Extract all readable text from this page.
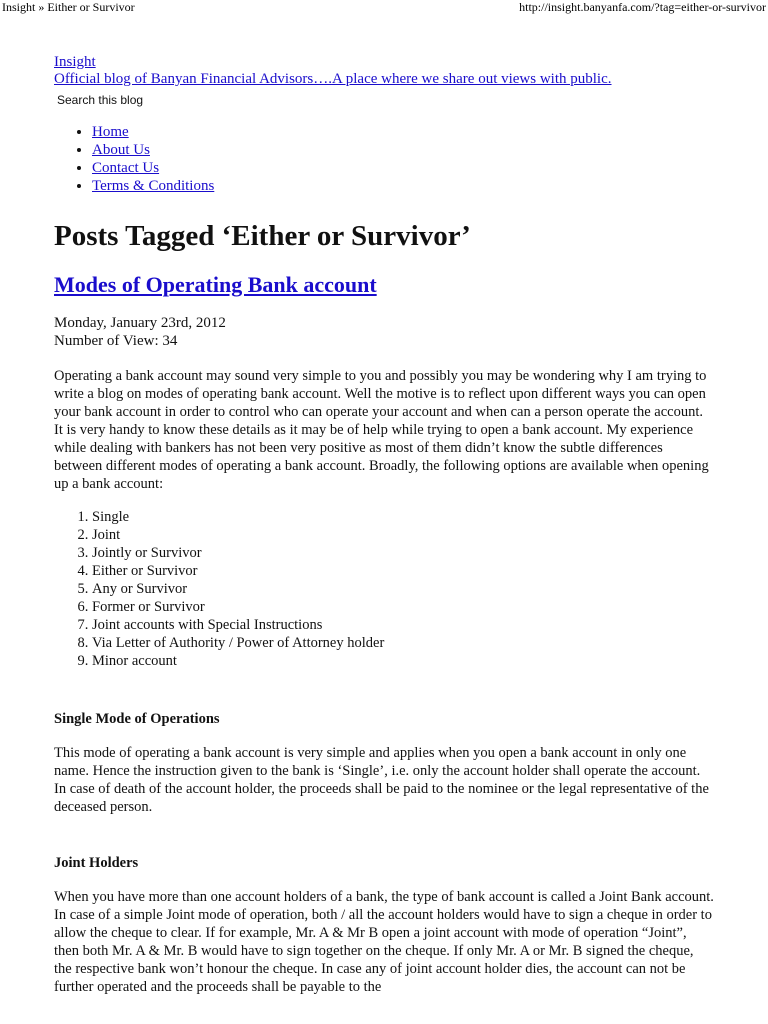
Insight » Either or Survivor	http://insight.banyanfa.com/?tag=either-or-survivor
Insight
Official blog of Banyan Financial Advisors….A place where we share out views with public.
Search this blog
• Home
• About Us
• Contact Us
• Terms & Conditions
Posts Tagged ‘Either or Survivor’
Modes of Operating Bank account
Monday, January 23rd, 2012
Number of View: 34

Operating a bank account may sound very simple to you and possibly you may be wondering why I am trying to write a blog on modes of operating bank account. Well the motive is to reflect upon different ways you can open your bank account in order to control who can operate your account and when can a person operate the account. It is very handy to know these details as it may be of help while trying to open a bank account. My experience while dealing with bankers has not been very positive as most of them didn’t know the subtle differences between different modes of operating a bank account. Broadly, the following options are available when opening up a bank account:

1. Single
2. Joint
3. Jointly or Survivor
4. Either or Survivor
5. Any or Survivor
6. Former or Survivor
7. Joint accounts with Special Instructions
8. Via Letter of Authority / Power of Attorney holder
9. Minor account
Single Mode of Operations

This mode of operating a bank account is very simple and applies when you open a bank account in only one name. Hence the instruction given to the bank is ‘Single’, i.e. only the account holder shall operate the account. In case of death of the account holder, the proceeds shall be paid to the nominee or the legal representative of the deceased person.

Joint Holders

When you have more than one account holders of a bank, the type of bank account is called a Joint Bank account. In case of a simple Joint mode of operation, both / all the account holders would have to sign a cheque in order to allow the cheque to clear. If for example, Mr. A & Mr B open a joint account with mode of operation “Joint”, then both Mr. A & Mr. B would have to sign together on the cheque. If only Mr. A or Mr. B signed the cheque, the respective bank won’t honour the cheque. In case any of joint account holder dies, the account can not be further operated and the proceeds shall be payable to the
